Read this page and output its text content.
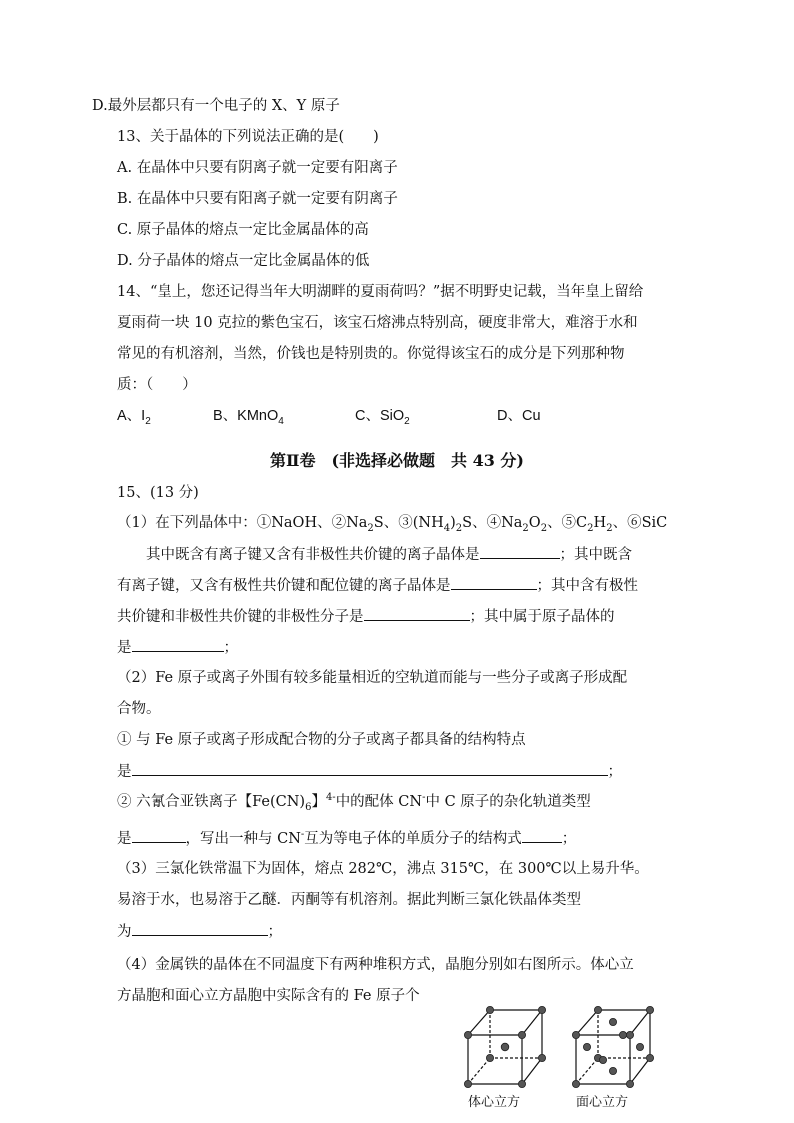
D.最外层都只有一个电子的 X、Y 原子
13、关于晶体的下列说法正确的是(　　)
A. 在晶体中只要有阴离子就一定要有阳离子
B. 在晶体中只要有阳离子就一定要有阴离子
C. 原子晶体的熔点一定比金属晶体的高
D. 分子晶体的熔点一定比金属晶体的低
14、“皇上，您还记得当年大明湖畔的夏雨荷吗？”据不明野史记载，当年皇上留给
夏雨荷一块 10 克拉的紫色宝石，该宝石熔沸点特别高，硬度非常大，难溶于水和
常见的有机溶剂，当然，价钱也是特别贵的。你觉得该宝石的成分是下列那种物
质：（　　）
A、$I_2$	B、KMnO$_4$	C、SiO$_2$	D、Cu
第Ⅱ卷　(非选择必做题　共 43 分)
15、(13 分)
（1）在下列晶体中：①NaOH、$②Na_2S$、$③(NH_4)_2S$、$④Na_2O_2$、$⑤C_2H_2$、⑥SiC
其中既含有离子键又含有非极性共价键的离子晶体是	；其中既含
有离子键，又含有极性共价键和配位键的离子晶体是	；其中含有极性
共价键和非极性共价键的非极性分子是	；其中属于原子晶体的
是	；
（2）Fe 原子或离子外围有较多能量相近的空轨道而能与一些分子或离子形成配
合物。
① 与 Fe 原子或离子形成配合物的分子或离子都具备的结构特点
是	；
② 六氰合亚铁离子【$Fe(CN)_6$】$^{4-}$中的配体 CN-中 C 原子的杂化轨道类型
是	，写出一种与 CN-互为等电子体的单质分子的结构式	；
（3）三氯化铁常温下为固体，熔点 282℃，沸点 315℃，在 300℃以上易升华。
易溶于水，也易溶于乙醚．丙酮等有机溶剂。据此判断三氯化铁晶体类型
为	；
（4）金属铁的晶体在不同温度下有两种堆积方式，晶胞分别如右图所示。体心立
方晶胞和面心立方晶胞中实际含有的 Fe 原子个
体心立方	面心立方
